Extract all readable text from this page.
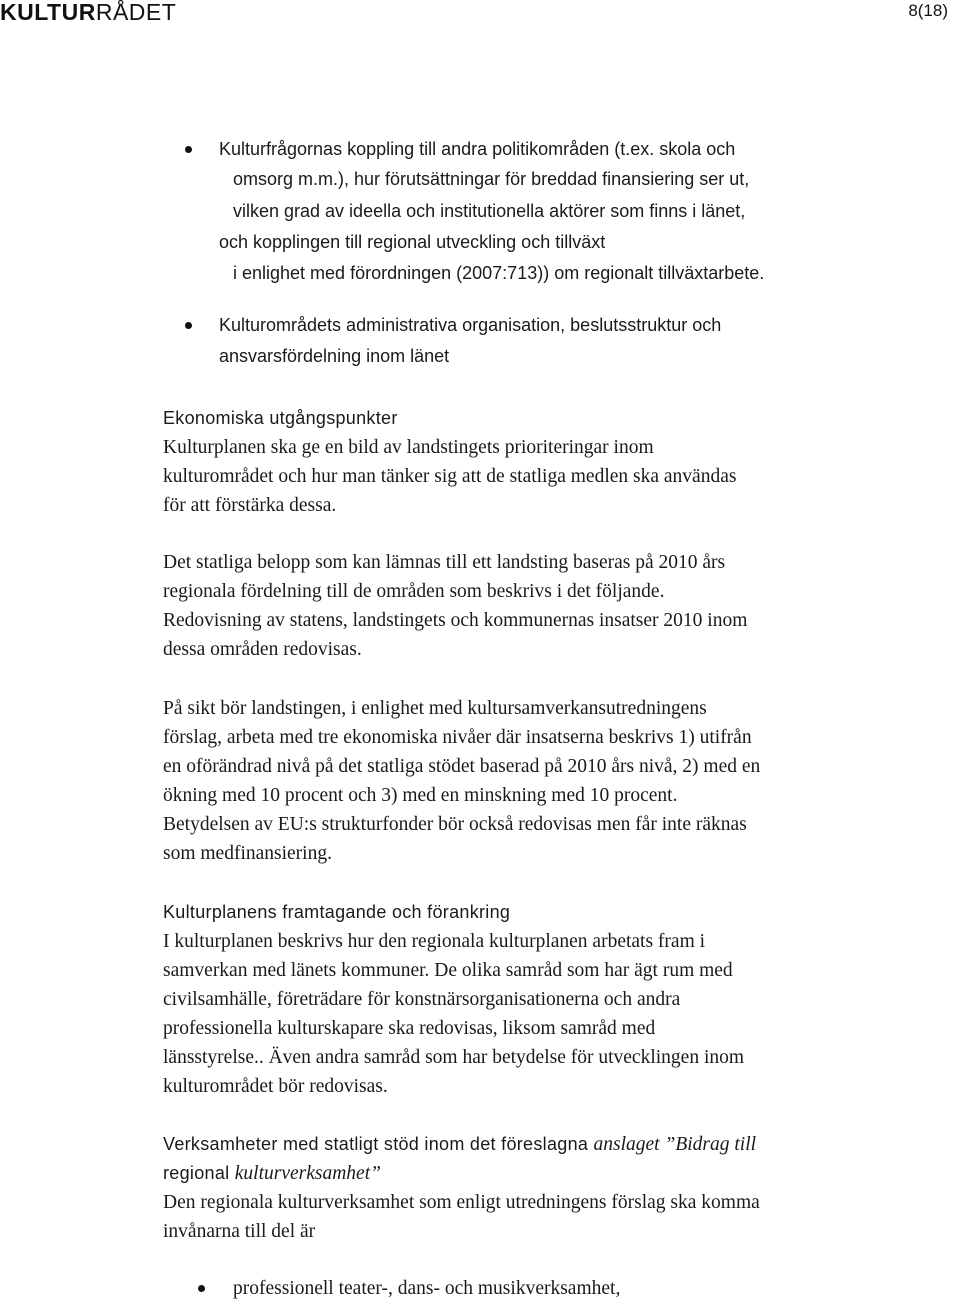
KULTURRÅDET	8(18)
Kulturfrågornas koppling till andra politikområden (t.ex. skola och
omsorg m.m.), hur förutsättningar för breddad finansiering ser ut,
vilken grad av ideella och institutionella aktörer som finns i länet,
och kopplingen till regional utveckling och tillväxt
i enlighet med förordningen (2007:713)) om regionalt tillväxtarbete.
Kulturområdets administrativa organisation, beslutsstruktur och
ansvarsfördelning inom länet
Ekonomiska utgångspunkter
Kulturplanen ska ge en bild av landstingets prioriteringar inom
kulturområdet och hur man tänker sig att de statliga medlen ska användas
för att förstärka dessa.
Det statliga belopp som kan lämnas till ett landsting baseras på 2010 års
regionala fördelning till de områden som beskrivs i det följande.
Redovisning av statens, landstingets och kommunernas insatser 2010 inom
dessa områden redovisas.
På sikt bör landstingen, i enlighet med kultursamverkansutredningens
förslag, arbeta med tre ekonomiska nivåer där insatserna beskrivs 1) utifrån
en oförändrad nivå på det statliga stödet baserad på 2010 års nivå, 2) med en
ökning med 10 procent och 3) med en minskning med 10 procent.
Betydelsen av EU:s strukturfonder bör också redovisas men får inte räknas
som medfinansiering.
Kulturplanens framtagande och förankring
I kulturplanen beskrivs hur den regionala kulturplanen arbetats fram i
samverkan med länets kommuner. De olika samråd som har ägt rum med
civilsamhälle, företrädare för konstnärsorganisationerna och andra
professionella kulturskapare ska redovisas, liksom samråd med
länsstyrelse.. Även andra samråd som har betydelse för utvecklingen inom
kulturområdet bör redovisas.
Verksamheter med statligt stöd inom det föreslagna anslaget ”Bidrag till
regional kulturverksamhet”
Den regionala kulturverksamhet som enligt utredningens förslag ska komma
invånarna till del är
professionell teater-, dans- och musikverksamhet,
